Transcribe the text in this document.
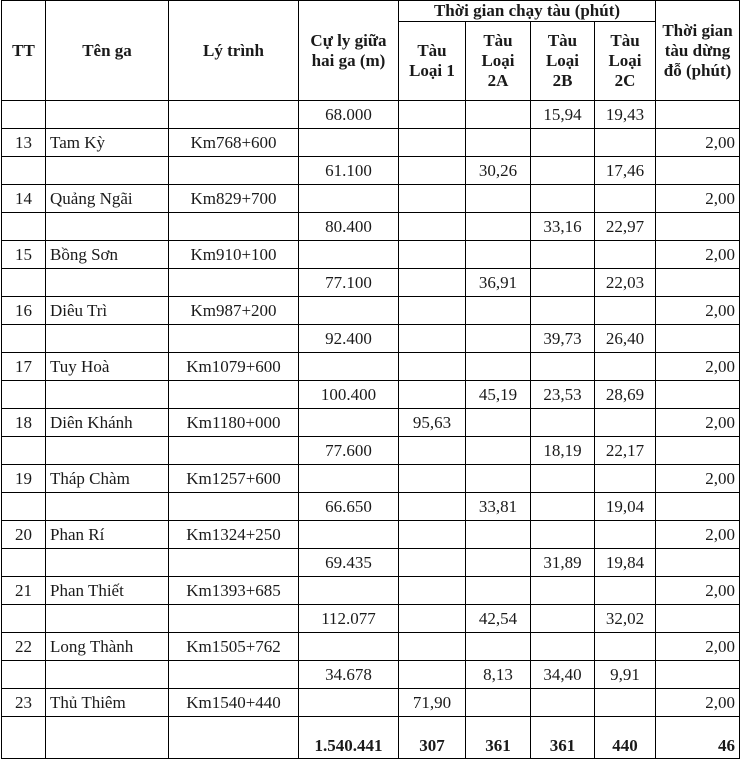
TT	Tên ga	Lý trình	Cự ly giữa hai ga (m)	Thời gian chạy tàu (phút)				Thời gian tàu dừng đỗ (phút)
				Tàu Loại 1	Tàu Loại 2A	Tàu Loại 2B	Tàu Loại 2C	
			68.000			15,94	19,43	
13	Tam Kỳ	Km768+600						2,00
			61.100		30,26		17,46	
14	Quảng Ngãi	Km829+700						2,00
			80.400			33,16	22,97	
15	Bồng Sơn	Km910+100						2,00
			77.100		36,91		22,03	
16	Diêu Trì	Km987+200						2,00
			92.400			39,73	26,40	
17	Tuy Hoà	Km1079+600						2,00
			100.400		45,19	23,53	28,69	
18	Diên Khánh	Km1180+000		95,63				2,00
			77.600			18,19	22,17	
19	Tháp Chàm	Km1257+600						2,00
			66.650		33,81		19,04	
20	Phan Rí	Km1324+250						2,00
			69.435			31,89	19,84	
21	Phan Thiết	Km1393+685						2,00
			112.077		42,54		32,02	
22	Long Thành	Km1505+762						2,00
			34.678		8,13	34,40	9,91	
23	Thủ Thiêm	Km1540+440		71,90				2,00
			1.540.441	307	361	361	440	46
